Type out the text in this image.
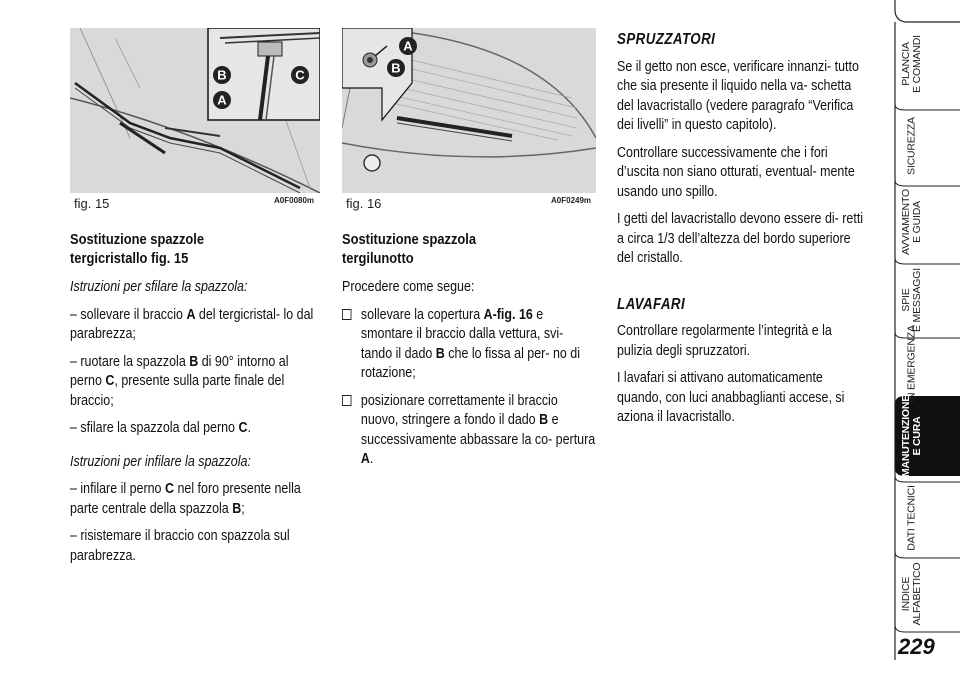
B	C
A
fig. 15	A0F0080m
A
B
fig. 16	A0F0249m
Sostituzione spazzole
tergicristallo fig. 15

Istruzioni per sfilare la spazzola:

– sollevare il braccio A del tergicristal- lo dal parabrezza;

– ruotare la spazzola B di 90° intorno al perno C, presente sulla parte finale del braccio;

– sfilare la spazzola dal perno C.

Istruzioni per infilare la spazzola:

– infilare il perno C nel foro presente nella parte centrale della spazzola B;

– risistemare il braccio con spazzola sul parabrezza.

Sostituzione spazzola
tergilunotto

Procedere come segue:

sollevare la copertura A-fig. 16 e smontare il braccio dalla vettura, svi- tando il dado B che lo fissa al per- no di rotazione;
posizionare correttamente il braccio nuovo, stringere a fondo il dado B e successivamente abbassare la co- pertura A.
SPRUZZATORI

Se il getto non esce, verificare innanzi- tutto che sia presente il liquido nella va- schetta del lavacristallo (vedere paragrafo “Verifica dei livelli” in questo capitolo).

Controllare successivamente che i fori d’uscita non siano otturati, eventual- mente usando uno spillo.

I getti del lavacristallo devono essere di- retti a circa 1/3 dell’altezza del bordo superiore del cristallo.

LAVAFARI

Controllare regolarmente l’integrità e la pulizia degli spruzzatori.

I lavafari si attivano automaticamente quando, con luci anabbaglianti accese, si aziona il lavacristallo.

PLANCIA
E COMANDI
SICUREZZA
AVVIAMENTO
E GUIDA
SPIE
E MESSAGGI
IN EMERGENZA
MANUTENZIONE
E CURA
DATI TECNICI
INDICE
ALFABETICO
229
